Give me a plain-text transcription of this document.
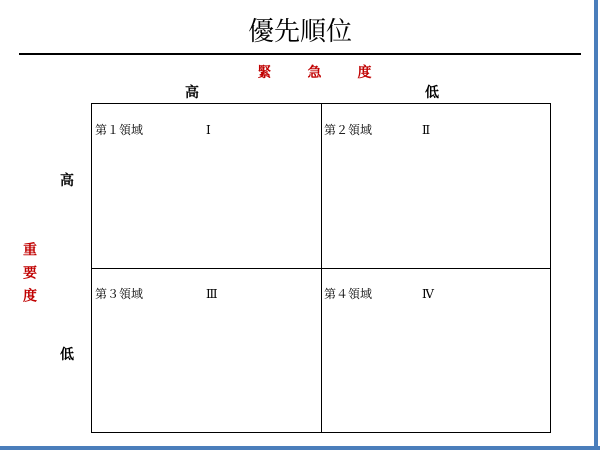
優先順位
緊　急　度
重要度
高	低
高
低
第１領域	Ⅰ	第２領域	Ⅱ
第３領域	Ⅲ	第４領域	Ⅳ
